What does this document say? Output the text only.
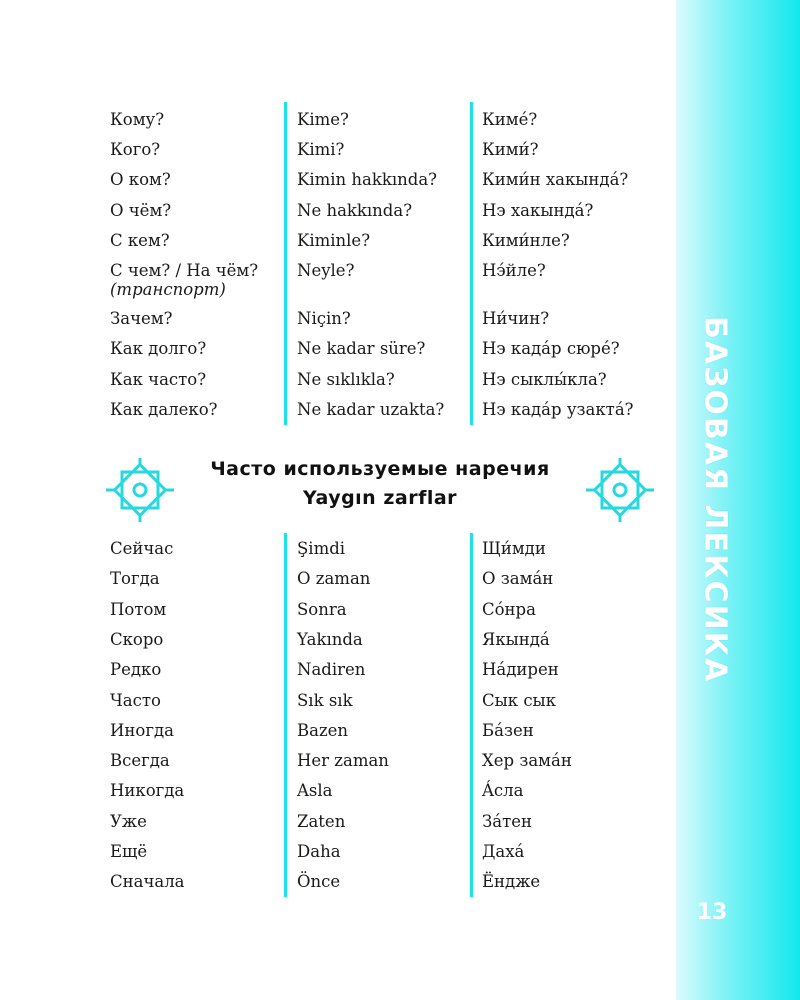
БАЗОВАЯ ЛЕКСИКА
13
Кому?
Кого?
О ком?
О чём?
С кем?
С чем? / На чём?
(транспорт)
Зачем?
Как долго?
Как часто?
Как далеко?
Kime?
Kimi?
Kimin hakkında?
Ne hakkında?
Kiminle?
Neyle?
Niçin?
Ne kadar süre?
Ne sıklıkla?
Ne kadar uzakta?
Кимé?
Кими́?
Кими́н хакындá?
Нэ хакындá?
Кими́нле?
Нэ́йле?
Ни́чин?
Нэ кадáр сюрé?
Нэ сыклы́кла?
Нэ кадáр узактá?
Часто используемые наречия
Yaygın zarflar
Сейчас
Тогда
Потом
Скоро
Редко
Часто
Иногда
Всегда
Никогда
Уже
Ещё
Сначала
Şimdi
O zaman
Sonra
Yakında
Nadiren
Sık sık
Bazen
Her zaman
Asla
Zaten
Daha
Önce
Щи́мди
О замáн
Сóнра
Якындá
Нáдирен
Сык сык
Бáзен
Хер замáн
Áсла
Зáтен
Дахá
Ёндже
